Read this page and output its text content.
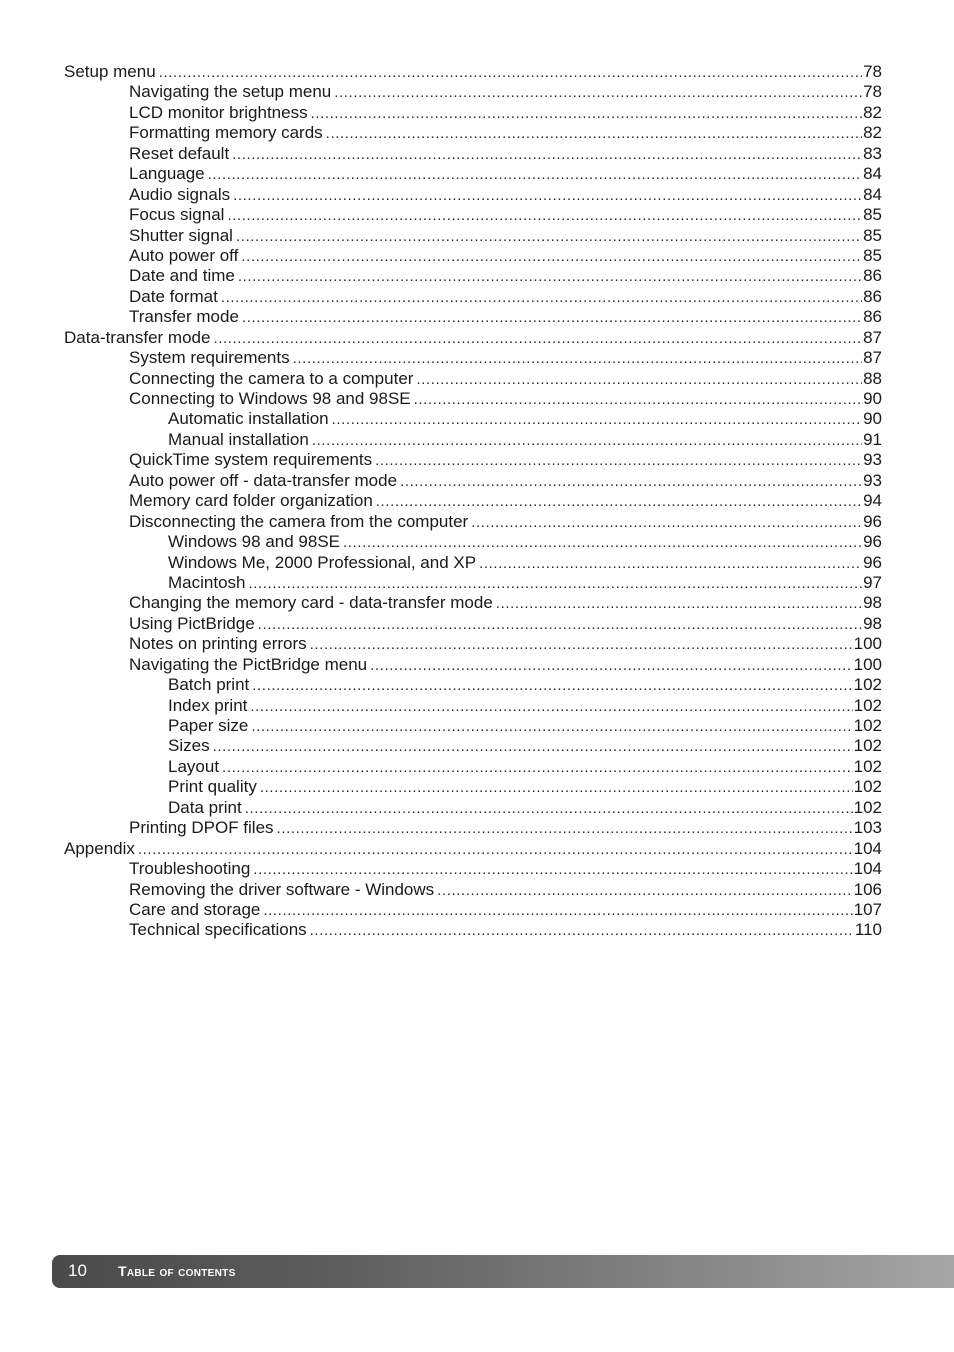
Setup menu .....	78
Navigating the setup menu .....	78
LCD monitor brightness .....	82
Formatting memory cards .....	82
Reset default .....	83
Language .....	84
Audio signals .....	84
Focus signal .....	85
Shutter signal .....	85
Auto power off .....	85
Date and time .....	86
Date format .....	86
Transfer mode .....	86
Data-transfer mode .....	87
System requirements .....	87
Connecting the camera to a computer .....	88
Connecting to Windows 98 and 98SE .....	90
Automatic installation .....	90
Manual installation .....	91
QuickTime system requirements .....	93
Auto power off - data-transfer mode .....	93
Memory card folder organization .....	94
Disconnecting the camera from the computer .....	96
Windows 98 and 98SE .....	96
Windows Me, 2000 Professional, and XP .....	96
Macintosh .....	97
Changing the memory card - data-transfer mode .....	98
Using PictBridge .....	98
Notes on printing errors .....	100
Navigating the PictBridge menu .....	100
Batch print .....	102
Index print .....	102
Paper size .....	102
Sizes .....	102
Layout .....	102
Print quality .....	102
Data print .....	102
Printing DPOF files .....	103
Appendix .....	104
Troubleshooting .....	104
Removing the driver software - Windows .....	106
Care and storage .....	107
Technical specifications .....	110
10 Table of contents
